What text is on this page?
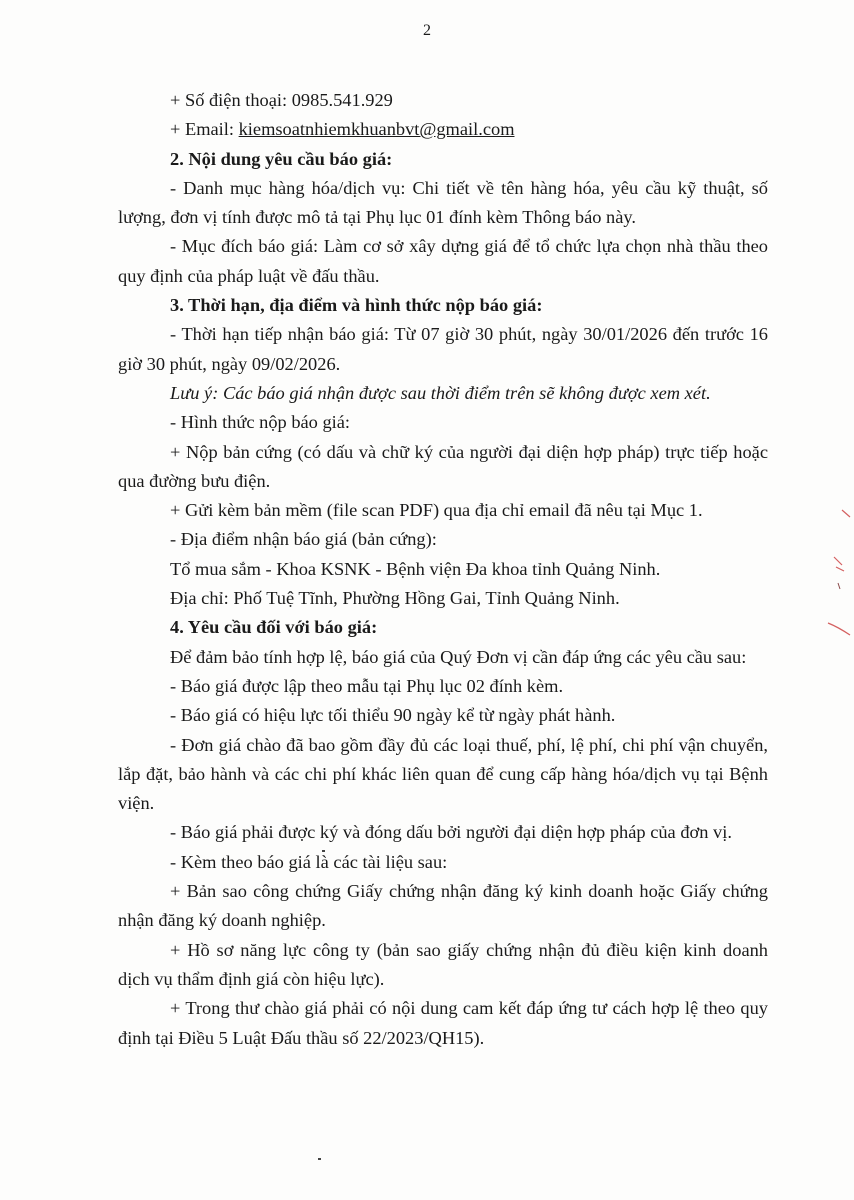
2

+ Số điện thoại: 0985.541.929

+ Email: kiemsoatnhiemkhuanbvt@gmail.com

2. Nội dung yêu cầu báo giá:

- Danh mục hàng hóa/dịch vụ: Chi tiết về tên hàng hóa, yêu cầu kỹ thuật, số lượng, đơn vị tính được mô tả tại Phụ lục 01 đính kèm Thông báo này.

- Mục đích báo giá: Làm cơ sở xây dựng giá để tổ chức lựa chọn nhà thầu theo quy định của pháp luật về đấu thầu.

3. Thời hạn, địa điểm và hình thức nộp báo giá:

- Thời hạn tiếp nhận báo giá: Từ 07 giờ 30 phút, ngày 30/01/2026 đến trước 16 giờ 30 phút, ngày 09/02/2026.

Lưu ý: Các báo giá nhận được sau thời điểm trên sẽ không được xem xét.

- Hình thức nộp báo giá:

+ Nộp bản cứng (có dấu và chữ ký của người đại diện hợp pháp) trực tiếp hoặc qua đường bưu điện.

+ Gửi kèm bản mềm (file scan PDF) qua địa chỉ email đã nêu tại Mục 1.

- Địa điểm nhận báo giá (bản cứng):

Tổ mua sắm - Khoa KSNK - Bệnh viện Đa khoa tỉnh Quảng Ninh.

Địa chỉ: Phố Tuệ Tĩnh, Phường Hồng Gai, Tỉnh Quảng Ninh.

4. Yêu cầu đối với báo giá:

Để đảm bảo tính hợp lệ, báo giá của Quý Đơn vị cần đáp ứng các yêu cầu sau:

- Báo giá được lập theo mẫu tại Phụ lục 02 đính kèm.

- Báo giá có hiệu lực tối thiểu 90 ngày kể từ ngày phát hành.

- Đơn giá chào đã bao gồm đầy đủ các loại thuế, phí, lệ phí, chi phí vận chuyển, lắp đặt, bảo hành và các chi phí khác liên quan để cung cấp hàng hóa/dịch vụ tại Bệnh viện.

- Báo giá phải được ký và đóng dấu bởi người đại diện hợp pháp của đơn vị.

- Kèm theo báo giá là các tài liệu sau:

+ Bản sao công chứng Giấy chứng nhận đăng ký kinh doanh hoặc Giấy chứng nhận đăng ký doanh nghiệp.

+ Hồ sơ năng lực công ty (bản sao giấy chứng nhận đủ điều kiện kinh doanh dịch vụ thẩm định giá còn hiệu lực).

+ Trong thư chào giá phải có nội dung cam kết đáp ứng tư cách hợp lệ theo quy định tại Điều 5 Luật Đấu thầu số 22/2023/QH15).
